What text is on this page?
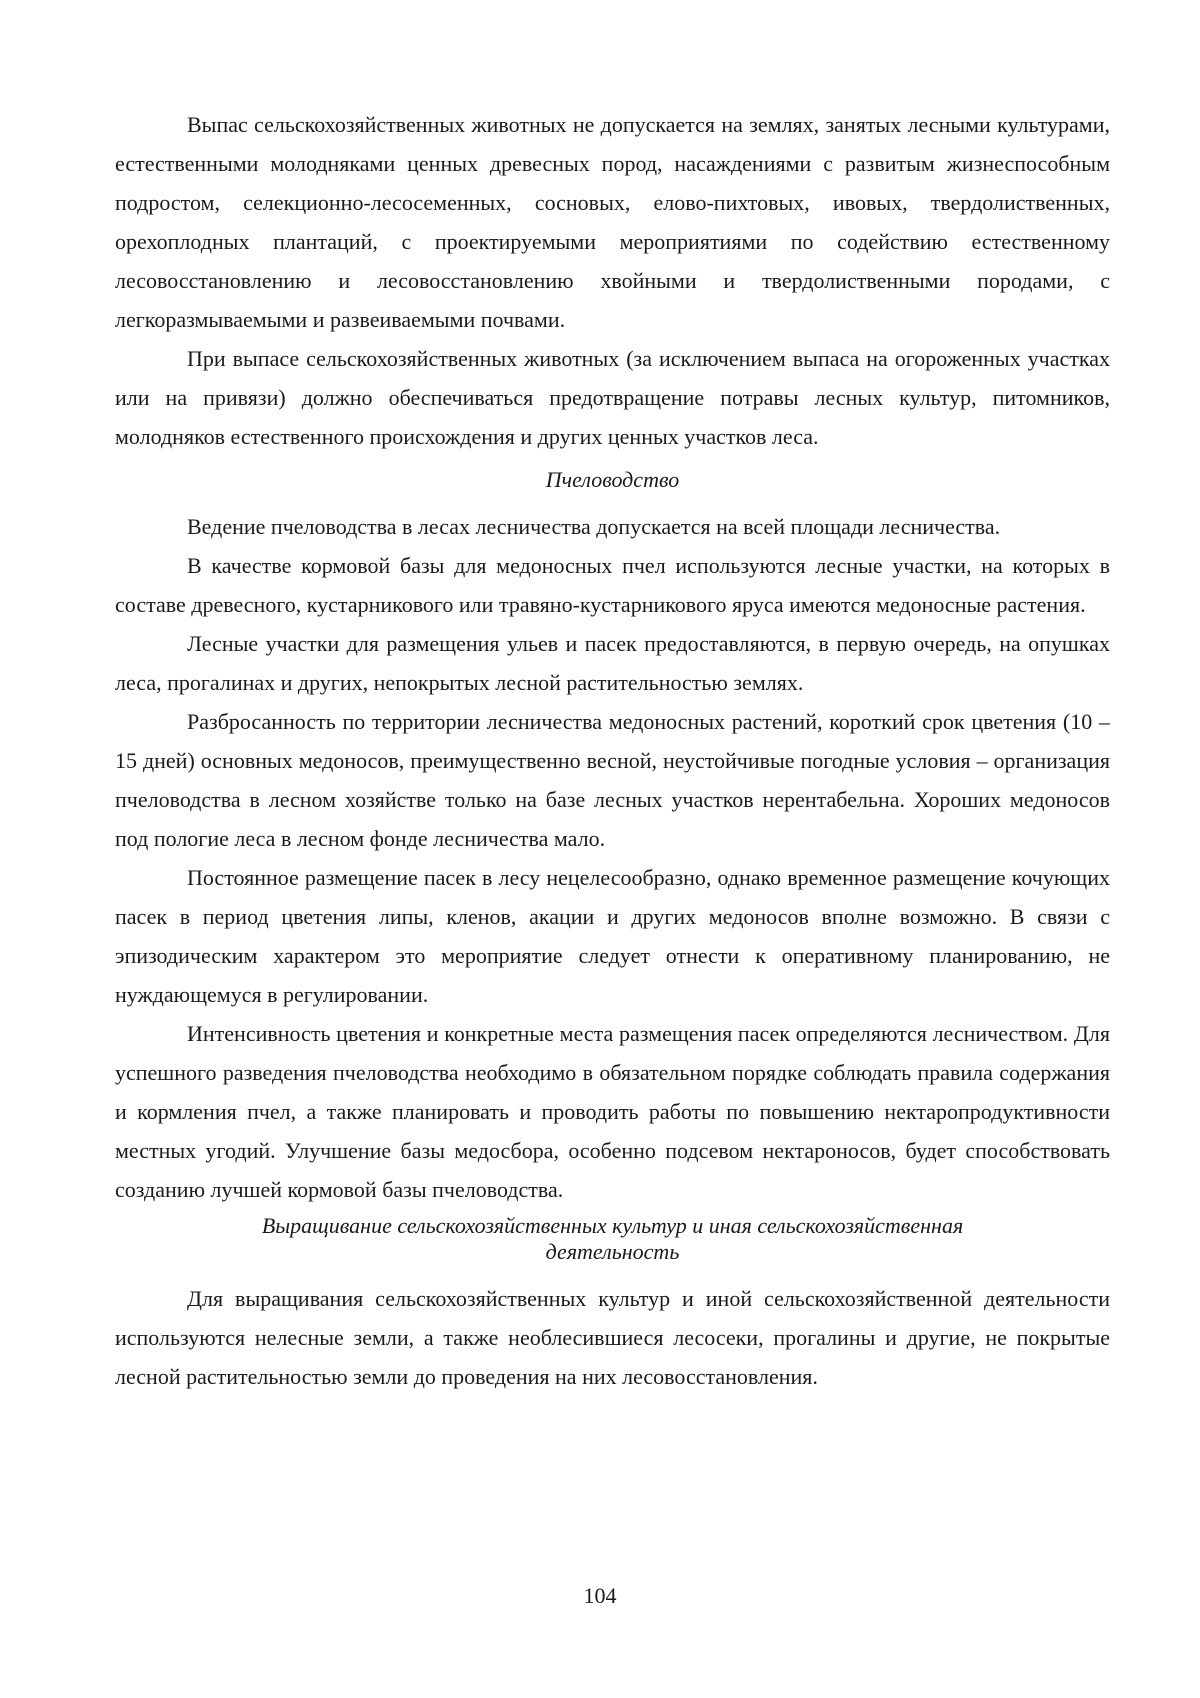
Выпас сельскохозяйственных животных не допускается на землях, занятых лесными культурами, естественными молодняками ценных древесных пород, насаждениями с развитым жизнеспособным подростом, селекционно-лесосеменных, сосновых, елово-пихтовых, ивовых, твердолиственных, орехоплодных плантаций, с проектируемыми мероприятиями по содействию естественному лесовосстановлению и лесовосстановлению хвойными и твердолиственными породами, с легкоразмываемыми и развеиваемыми почвами.

При выпасе сельскохозяйственных животных (за исключением выпаса на огороженных участках или на привязи) должно обеспечиваться предотвращение потравы лесных культур, питомников, молодняков естественного происхождения и других ценных участков леса.

Пчеловодство

Ведение пчеловодства в лесах лесничества допускается на всей площади лесничества.

В качестве кормовой базы для медоносных пчел используются лесные участки, на которых в составе древесного, кустарникового или травяно-кустарникового яруса имеются медоносные растения.

Лесные участки для размещения ульев и пасек предоставляются, в первую очередь, на опушках леса, прогалинах и других, непокрытых лесной растительностью землях.

Разбросанность по территории лесничества медоносных растений, короткий срок цветения (10 – 15 дней) основных медоносов, преимущественно весной, неустойчивые погодные условия – организация пчеловодства в лесном хозяйстве только на базе лесных участков нерентабельна. Хороших медоносов под пологие леса в лесном фонде лесничества мало.

Постоянное размещение пасек в лесу нецелесообразно, однако временное размещение кочующих пасек в период цветения липы, кленов, акации и других медоносов вполне возможно. В связи с эпизодическим характером это мероприятие следует отнести к оперативному планированию, не нуждающемуся в регулировании.

Интенсивность цветения и конкретные места размещения пасек определяются лесничеством. Для успешного разведения пчеловодства необходимо в обязательном порядке соблюдать правила содержания и кормления пчел, а также планировать и проводить работы по повышению нектаропродуктивности местных угодий. Улучшение базы медосбора, особенно подсевом нектароносов, будет способствовать созданию лучшей кормовой базы пчеловодства.

Выращивание сельскохозяйственных культур и иная сельскохозяйственная деятельность

Для выращивания сельскохозяйственных культур и иной сельскохозяйственной деятельности используются нелесные земли, а также необлесившиеся лесосеки, прогалины и другие, не покрытые лесной растительностью земли до проведения на них лесовосстановления.

104
